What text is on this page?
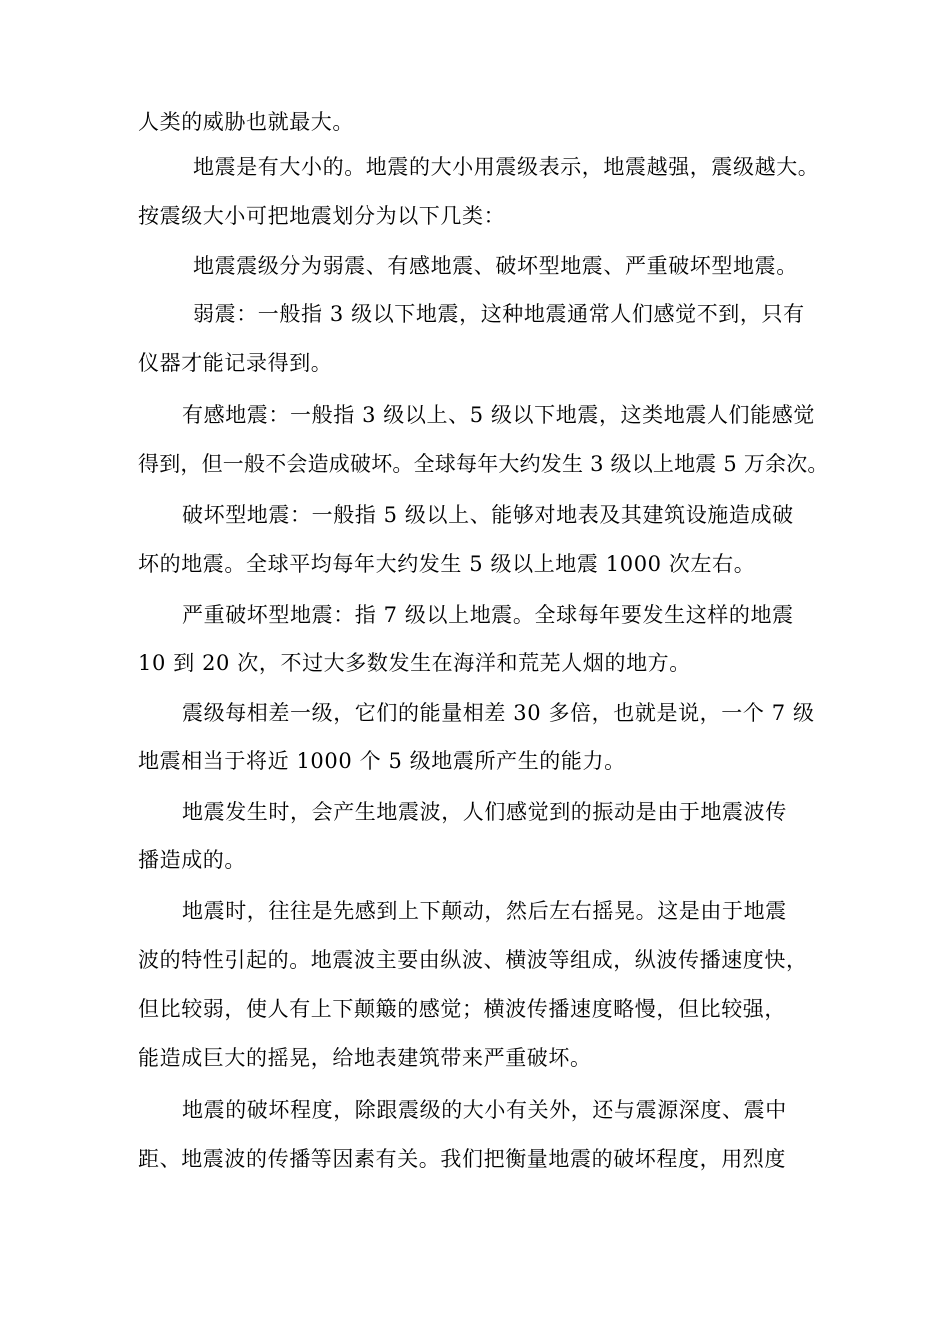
人类的威胁也就最大。
地震是有大小的。地震的大小用震级表示，地震越强，震级越大。
按震级大小可把地震划分为以下几类：
地震震级分为弱震、有感地震、破坏型地震、严重破坏型地震。
弱震：一般指 3 级以下地震，这种地震通常人们感觉不到，只有
仪器才能记录得到。
有感地震：一般指 3 级以上、5 级以下地震，这类地震人们能感觉
得到，但一般不会造成破坏。全球每年大约发生 3 级以上地震 5 万余次。
破坏型地震：一般指 5 级以上、能够对地表及其建筑设施造成破
坏的地震。全球平均每年大约发生 5 级以上地震 1000 次左右。
严重破坏型地震：指 7 级以上地震。全球每年要发生这样的地震
10 到 20 次，不过大多数发生在海洋和荒芜人烟的地方。
震级每相差一级，它们的能量相差 30 多倍，也就是说，一个 7 级
地震相当于将近 1000 个 5 级地震所产生的能力。
地震发生时，会产生地震波，人们感觉到的振动是由于地震波传
播造成的。
地震时，往往是先感到上下颠动，然后左右摇晃。这是由于地震
波的特性引起的。地震波主要由纵波、横波等组成，纵波传播速度快，
但比较弱，使人有上下颠簸的感觉；横波传播速度略慢，但比较强，
能造成巨大的摇晃，给地表建筑带来严重破坏。
地震的破坏程度，除跟震级的大小有关外，还与震源深度、震中
距、地震波的传播等因素有关。我们把衡量地震的破坏程度，用烈度
